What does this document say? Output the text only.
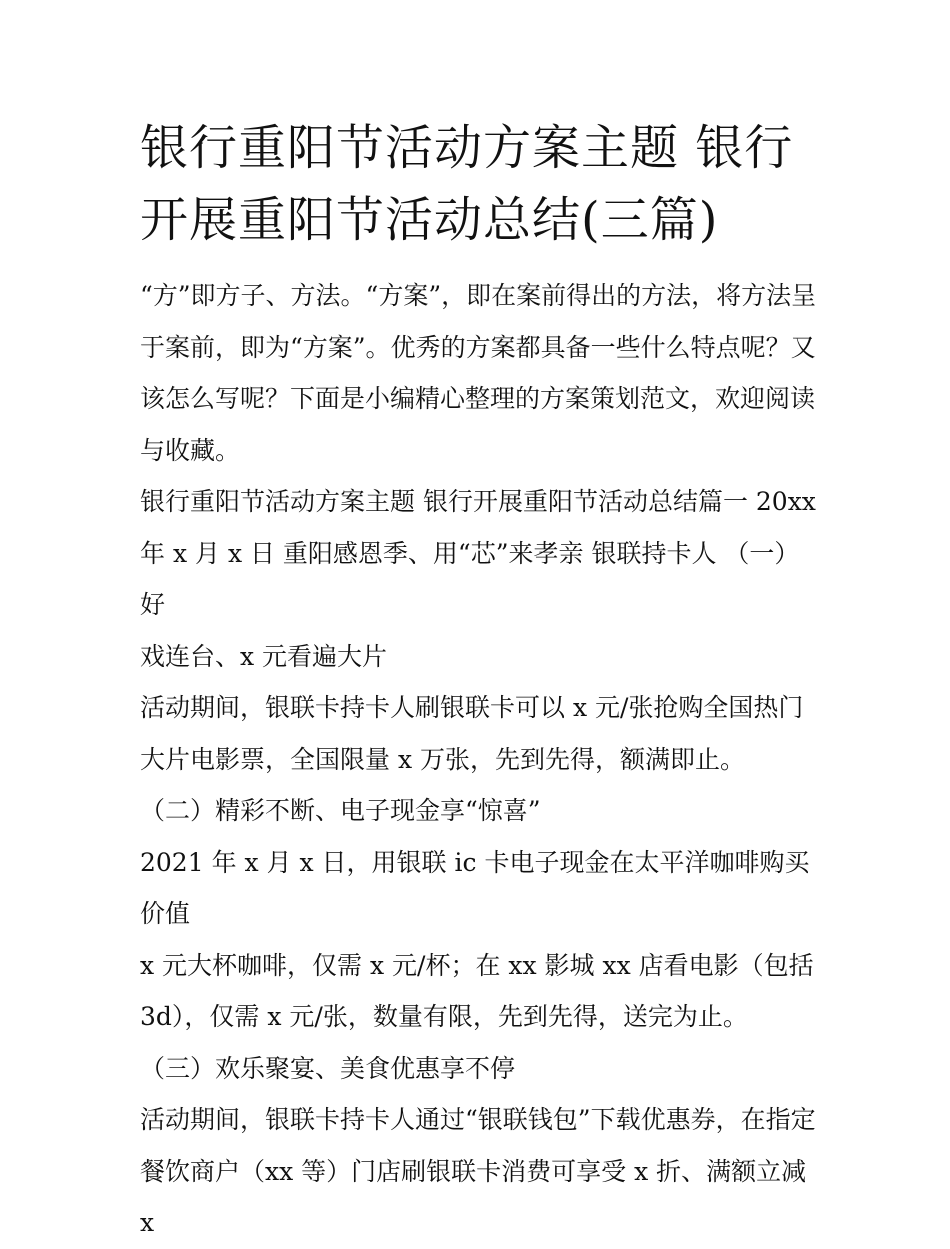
银行重阳节活动方案主题 银行
开展重阳节活动总结(三篇)

“方”即方子、方法。“方案”，即在案前得出的方法，将方法呈
于案前，即为“方案”。优秀的方案都具备一些什么特点呢？又
该怎么写呢？下面是小编精心整理的方案策划范文，欢迎阅读
与收藏。

银行重阳节活动方案主题 银行开展重阳节活动总结篇一 20xx
年 x 月 x 日 重阳感恩季、用“芯”来孝亲 银联持卡人 （一）好
戏连台、x 元看遍大片

活动期间，银联卡持卡人刷银联卡可以 x 元/张抢购全国热门
大片电影票，全国限量 x 万张，先到先得，额满即止。

（二）精彩不断、电子现金享“惊喜”

2021 年 x 月 x 日，用银联 ic 卡电子现金在太平洋咖啡购买价值
x 元大杯咖啡，仅需 x 元/杯；在 xx 影城 xx 店看电影（包括
3d），仅需 x 元/张，数量有限，先到先得，送完为止。

（三）欢乐聚宴、美食优惠享不停

活动期间，银联卡持卡人通过“银联钱包”下载优惠券，在指定
餐饮商户（xx 等）门店刷银联卡消费可享受 x 折、满额立减 x
